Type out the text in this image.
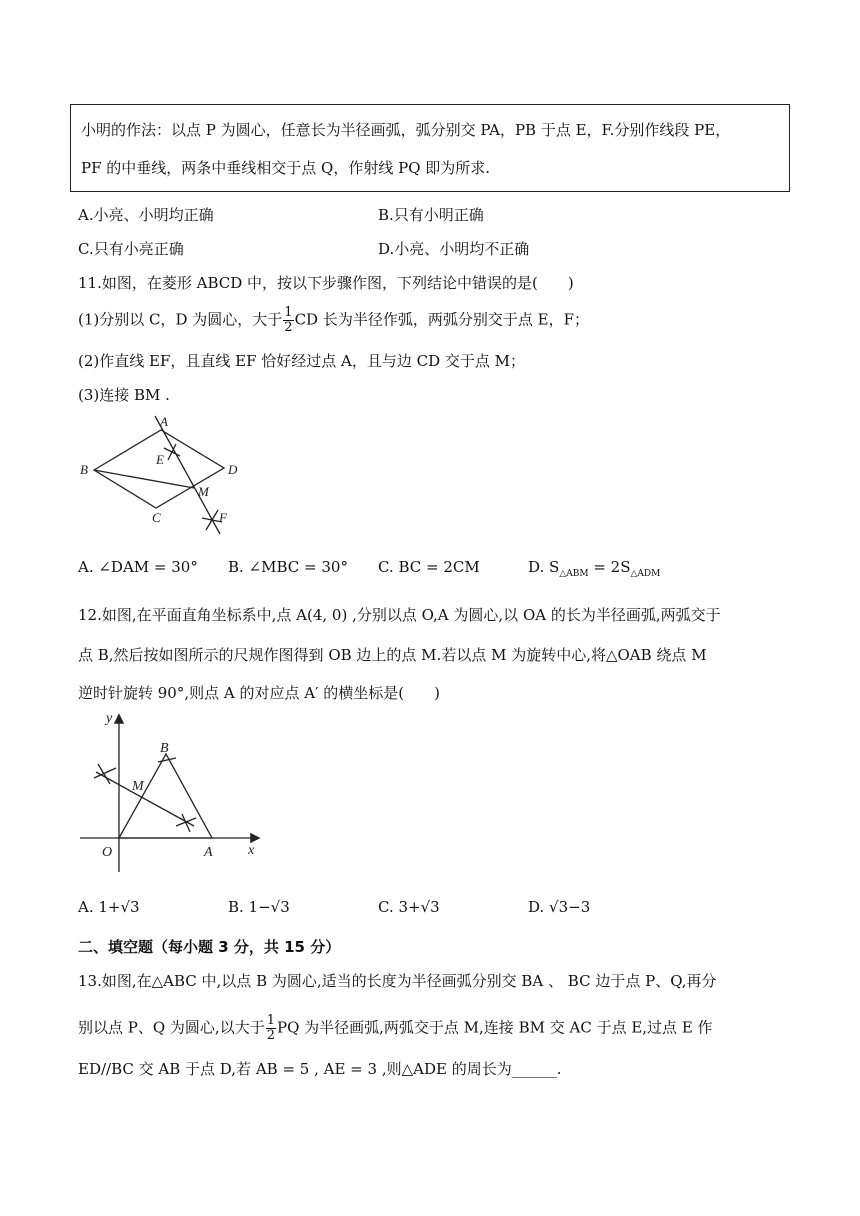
小明的作法：以点 P 为圆心，任意长为半径画弧，弧分别交 PA，PB 于点 E，F.分别作线段 PE，
PF 的中垂线，两条中垂线相交于点 Q，作射线 PQ 即为所求.
A.小亮、小明均正确	B.只有小明正确
C.只有小亮正确	D.小亮、小明均不正确
11.如图，在菱形 ABCD 中，按以下步骤作图，下列结论中错误的是(　　)
(1)分别以 C，D 为圆心，大于 $\frac{1}{2}$ CD 长为半径作弧，两弧分别交于点 E，F；
(2)作直线 EF，且直线 EF 恰好经过点 A，且与边 CD 交于点 M；
(3)连接 BM .
A
B
C
D
E
M
F
A. ∠DAM = 30° B. ∠MBC = 30° C. BC = 2CM	D. $S_{\triangle ABM} = 2S_{\triangle ADM}$
12.如图,在平面直角坐标系中,点 A(4, 0) ,分别以点 O,A 为圆心,以 OA 的长为半径画弧,两弧交于
点 B,然后按如图所示的尺规作图得到 OB 边上的点 M.若以点 M 为旋转中心,将△OAB 绕点 M
逆时针旋转 90°,则点 A 的对应点 A′ 的横坐标是(　　)
y
x
O	A
B
M
A. 1+√3	B. 1−√3	C. 3+√3	D. √3−3
二、填空题（每小题 3 分，共 15 分）
13.如图,在△ABC 中,以点 B 为圆心,适当的长度为半径画弧分别交 BA 、 BC 边于点 P、Q,再分
别以点 P、Q 为圆心,以大于 $\frac{1}{2}$ PQ 为半径画弧,两弧交于点 M,连接 BM 交 AC 于点 E,过点 E 作
ED//BC 交 AB 于点 D,若 AB = 5 , AE = 3 ,则△ADE 的周长为______.
